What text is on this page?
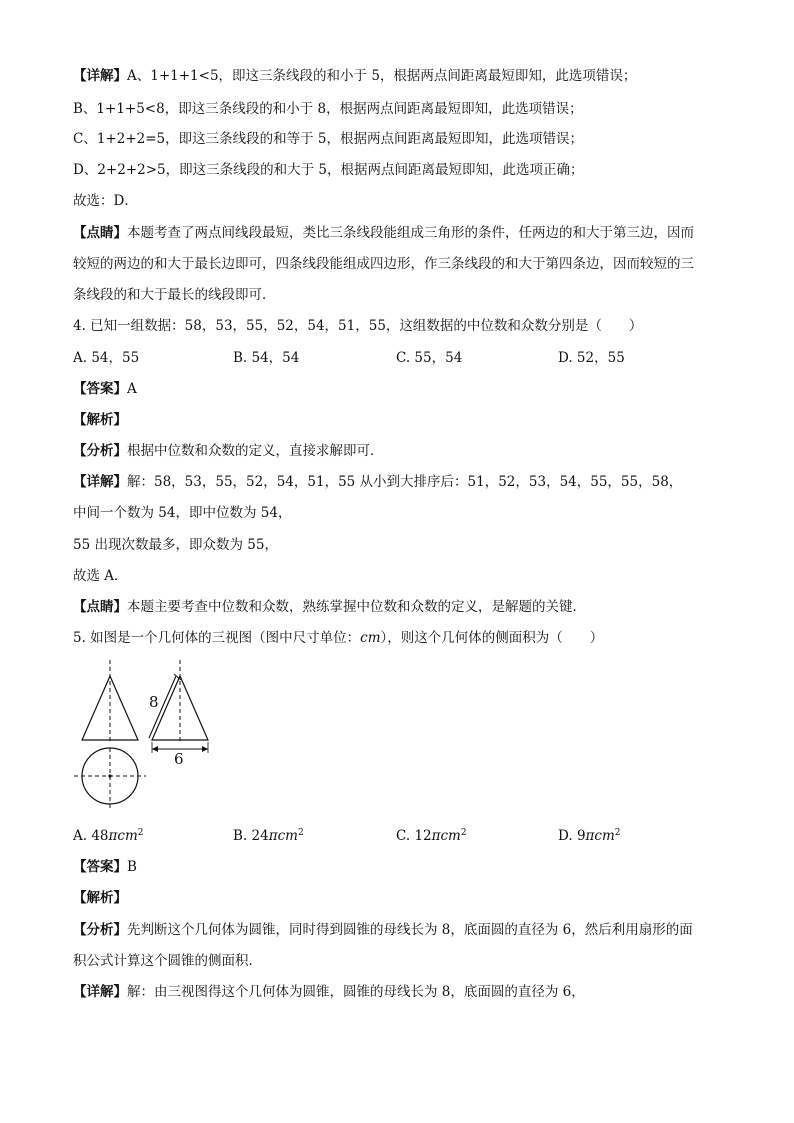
【详解】A、1+1+1<5，即这三条线段的和小于 5，根据两点间距离最短即知，此选项错误；
B、1+1+5<8，即这三条线段的和小于 8，根据两点间距离最短即知，此选项错误；
C、1+2+2=5，即这三条线段的和等于 5，根据两点间距离最短即知，此选项错误；
D、2+2+2>5，即这三条线段的和大于 5，根据两点间距离最短即知，此选项正确；
故选：D．
【点睛】本题考查了两点间线段最短，类比三条线段能组成三角形的条件，任两边的和大于第三边，因而
较短的两边的和大于最长边即可，四条线段能组成四边形，作三条线段的和大于第四条边，因而较短的三
条线段的和大于最长的线段即可．
4. 已知一组数据：58，53，55，52，54，51，55，这组数据的中位数和众数分别是（　　）
A. 54，55	B. 54，54	C. 55，54	D. 52，55
【答案】A
【解析】
【分析】根据中位数和众数的定义，直接求解即可．
【详解】解：58，53，55，52，54，51，55 从小到大排序后：51，52，53，54，55，55，58，
中间一个数为 54，即中位数为 54，
55 出现次数最多，即众数为 55，
故选 A．
【点睛】本题主要考查中位数和众数，熟练掌握中位数和众数的定义，是解题的关键．
5. 如图是一个几何体的三视图（图中尺寸单位：cm），则这个几何体的侧面积为（　　）
8
6
A. 48πcm$^2$	B. 24πcm$^2$	C. 12πcm$^2$	D. 9πcm$^2$
【答案】B
【解析】
【分析】先判断这个几何体为圆锥，同时得到圆锥的母线长为 8，底面圆的直径为 6，然后利用扇形的面
积公式计算这个圆锥的侧面积．
【详解】解：由三视图得这个几何体为圆锥，圆锥的母线长为 8，底面圆的直径为 6，
